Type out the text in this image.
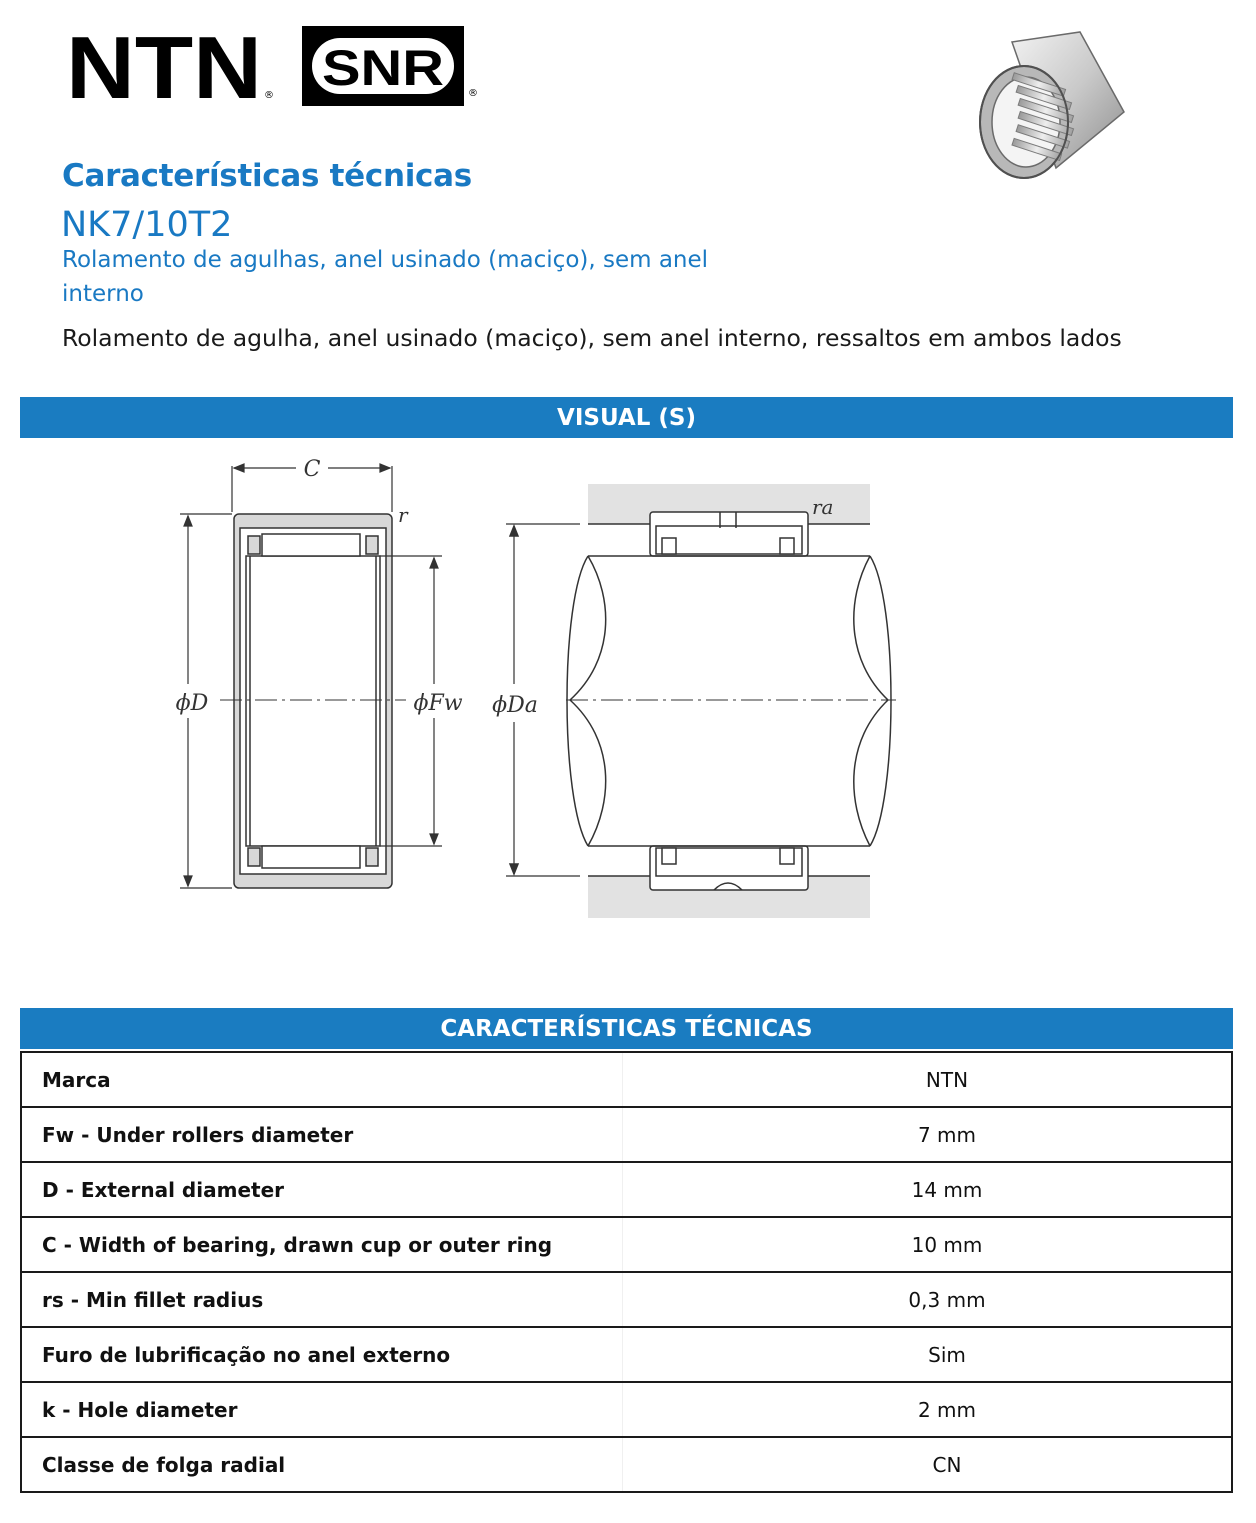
NTN ® SNR ®
Características técnicas
NK7/10T2
Rolamento de agulhas, anel usinado (maciço), sem anel interno
Rolamento de agulha, anel usinado (maciço), sem anel interno, ressaltos em ambos lados
VISUAL (S)
C
r
ϕD	ϕFw ϕDa
ra
CARACTERÍSTICAS TÉCNICAS
Marca	NTN
Fw - Under rollers diameter	7 mm
D - External diameter	14 mm
C - Width of bearing, drawn cup or outer ring	10 mm
rs - Min fillet radius	0,3 mm
Furo de lubrificação no anel externo	Sim
k - Hole diameter	2 mm
Classe de folga radial	CN
